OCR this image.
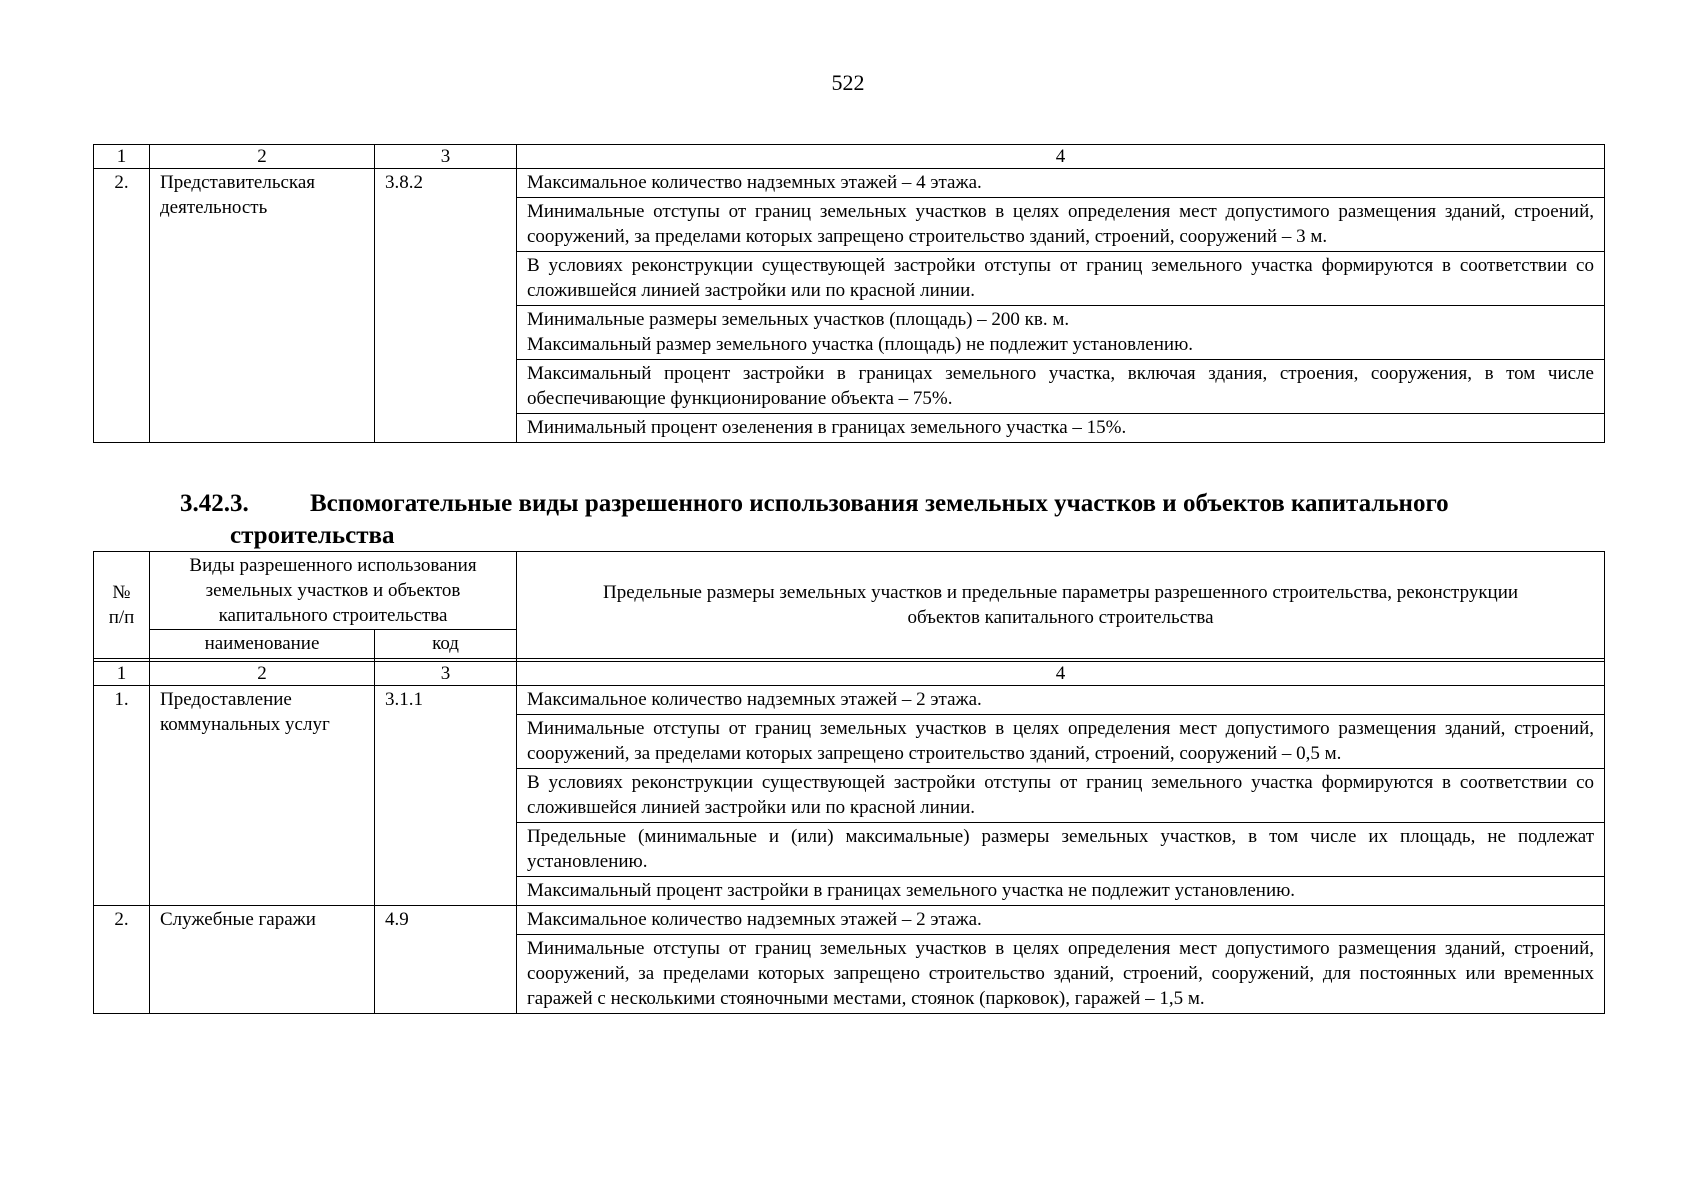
522
1	2	3	4
2.	Представительская деятельность	3.8.2	Максимальное количество надземных этажей – 4 этажа.
			Минимальные отступы от границ земельных участков в целях определения мест допустимого размещения зданий, строений, сооружений, за пределами которых запрещено строительство зданий, строений, сооружений – 3 м.
			В условиях реконструкции существующей застройки отступы от границ земельного участка формируются в соответствии со сложившейся линией застройки или по красной линии.

			Минимальные размеры земельных участков (площадь) – 200 кв. м.
Максимальный размер земельного участка (площадь) не подлежит установлению.

			Максимальный процент застройки в границах земельного участка, включая здания, строения, сооружения, в том числе обеспечивающие функционирование объекта – 75%.
			Минимальный процент озеленения в границах земельного участка – 15%.
3.42.3. Вспомогательные виды разрешенного использования земельных участков и объектов капитального
строительства
№ п/п	Виды разрешенного использования земельных участков и объектов капитального строительства		Предельные размеры земельных участков и предельные параметры разрешенного строительства, реконструкции объектов капитального строительства
	наименование	код	

1	2	3	4
1.	Предоставление коммунальных услуг	3.1.1	Максимальное количество надземных этажей – 2 этажа.
			Минимальные отступы от границ земельных участков в целях определения мест допустимого размещения зданий, строений, сооружений, за пределами которых запрещено строительство зданий, строений, сооружений – 0,5 м.
			В условиях реконструкции существующей застройки отступы от границ земельного участка формируются в соответствии со сложившейся линией застройки или по красной линии.
			Предельные (минимальные и (или) максимальные) размеры земельных участков, в том числе их площадь, не подлежат установлению.
			Максимальный процент застройки в границах земельного участка не подлежит установлению.
2.	Служебные гаражи	4.9	Максимальное количество надземных этажей – 2 этажа.
			Минимальные отступы от границ земельных участков в целях определения мест допустимого размещения зданий, строений, сооружений, за пределами которых запрещено строительство зданий, строений, сооружений, для постоянных или временных гаражей с несколькими стояночными местами, стоянок (парковок), гаражей – 1,5 м.
